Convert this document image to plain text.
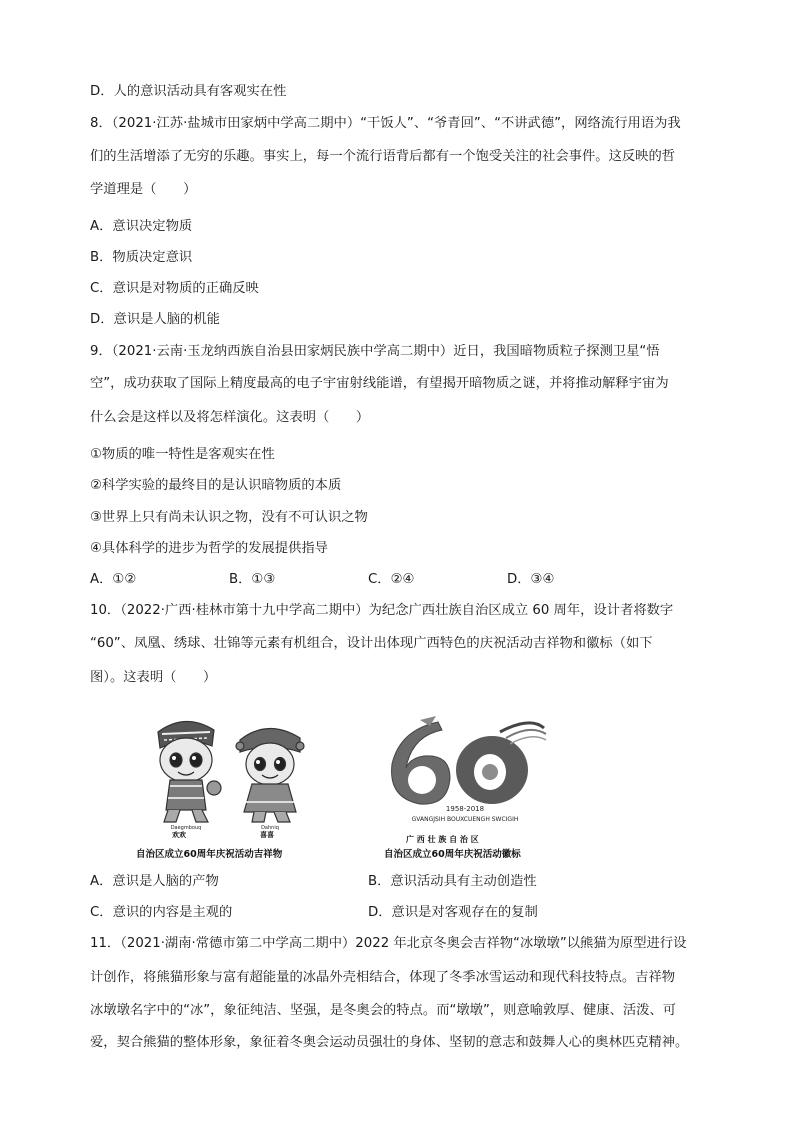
D．人的意识活动具有客观实在性
8．（2021·江苏·盐城市田家炳中学高二期中）“干饭人”、“爷青回”、“不讲武德”，网络流行用语为我
们的生活增添了无穷的乐趣。事实上，每一个流行语背后都有一个饱受关注的社会事件。这反映的哲
学道理是（　　）
A．意识决定物质
B．物质决定意识
C．意识是对物质的正确反映
D．意识是人脑的机能
9．（2021·云南·玉龙纳西族自治县田家炳民族中学高二期中）近日，我国暗物质粒子探测卫星“悟
空”，成功获取了国际上精度最高的电子宇宙射线能谱，有望揭开暗物质之谜，并将推动解释宇宙为
什么会是这样以及将怎样演化。这表明（　　）
①物质的唯一特性是客观实在性
②科学实验的最终目的是认识暗物质的本质
③世界上只有尚未认识之物，没有不可认识之物
④具体科学的进步为哲学的发展提供指导
A．①②	B．①③	C．②④	D．③④
10．（2022·广西·桂林市第十九中学高二期中）为纪念广西壮族自治区成立 60 周年，设计者将数字
“60”、凤凰、绣球、壮锦等元素有机组合，设计出体现广西特色的庆祝活动吉祥物和徽标（如下
图）。这表明（　　）
Daegmbouq	Dahniq
欢欢	喜喜
自治区成立60周年庆祝活动吉祥物
1958-2018
GVANGJSIH BOUXCUENGH SWCIGIH
广 西 壮 族 自 治 区
自治区成立60周年庆祝活动徽标
A．意识是人脑的产物	B．意识活动具有主动创造性
C．意识的内容是主观的	D．意识是对客观存在的复制
11．（2021·湖南·常德市第二中学高二期中）2022 年北京冬奥会吉祥物“冰墩墩”以熊猫为原型进行设
计创作，将熊猫形象与富有超能量的冰晶外壳相结合，体现了冬季冰雪运动和现代科技特点。吉祥物
冰墩墩名字中的“冰”，象征纯洁、坚强，是冬奥会的特点。而“墩墩”，则意喻敦厚、健康、活泼、可
爱，契合熊猫的整体形象，象征着冬奥会运动员强壮的身体、坚韧的意志和鼓舞人心的奥林匹克精神。
